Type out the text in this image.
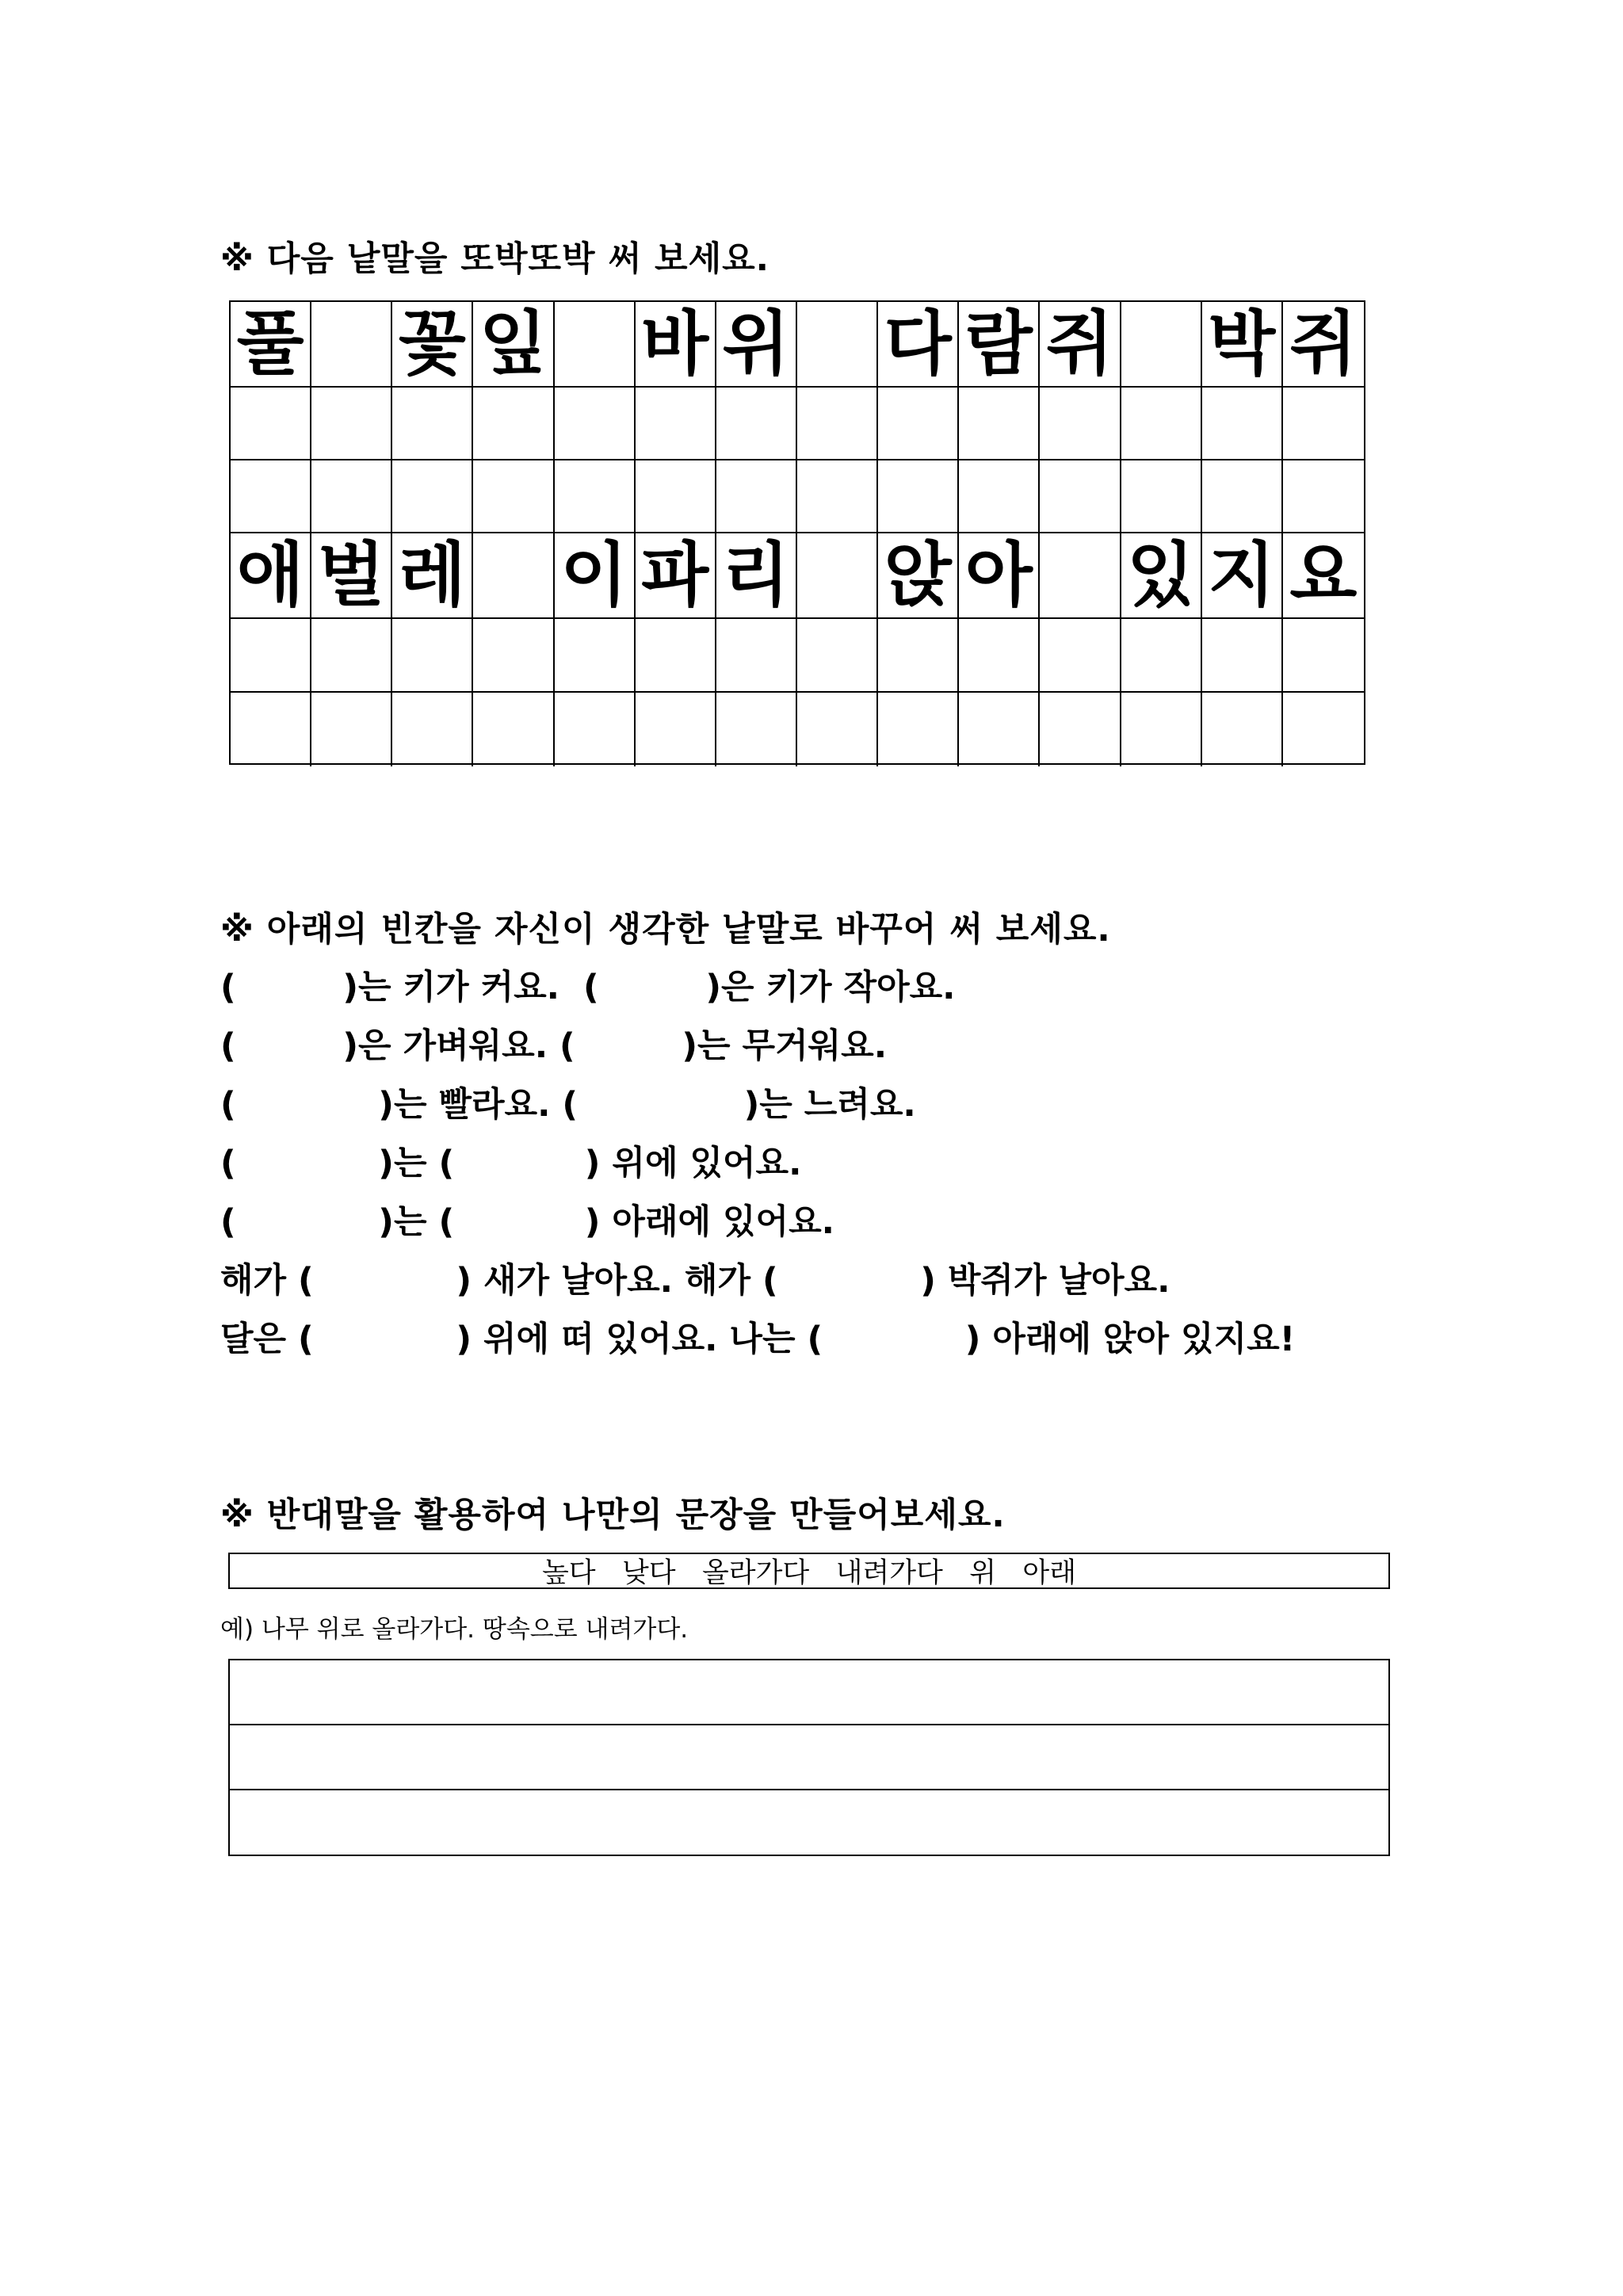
※ 다음 낱말을 또박또박 써 보세요.
풀 꽃 잎 바 위 다 람 쥐 박 쥐
애 벌 레 이 파 리 앉 아 있 지 요
※ 아래의 빈칸을 자신이 생각한 낱말로 바꾸어 써 보세요.
(         )는 키가 커요.  (         )은 키가 작아요.
(         )은 가벼워요. (         )는 무거워요.
(            )는 빨라요. (              )는 느려요.
(            )는 (           ) 위에 있어요.
(            )는 (           ) 아래에 있어요.
해가 (            ) 새가 날아요. 해가 (            ) 박쥐가 날아요.
달은 (            ) 위에 떠 있어요. 나는 (            ) 아래에 앉아 있지요!
※ 반대말을 활용하여 나만의 문장을 만들어보세요.
높다   낮다   올라가다   내려가다   위   아래
예) 나무 위로 올라가다. 땅속으로 내려가다.
